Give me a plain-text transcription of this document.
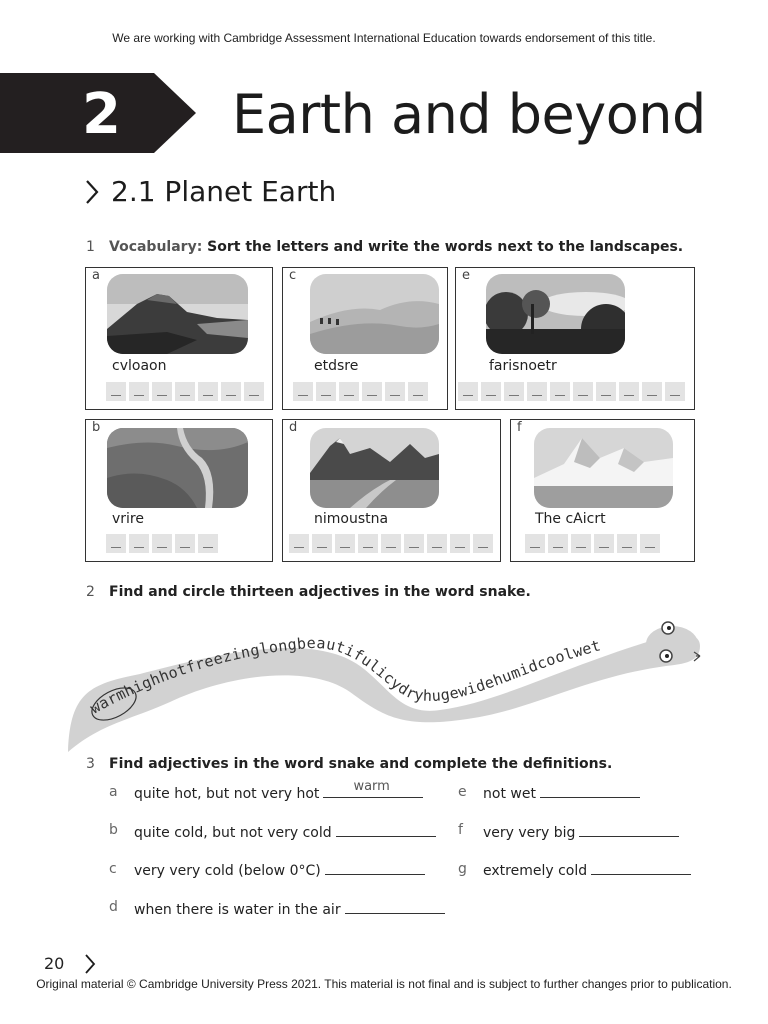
We are working with Cambridge Assessment International Education towards endorsement of this title.
2 Earth and beyond
2.1 Planet Earth
1 Vocabulary: Sort the letters and write the words next to the landscapes.
a
cvloaon
c
etdsre
e
farisnoetr
b
vrire
d
nimoustna
f
The cAicrt
2 Find and circle thirteen adjectives in the word snake.
warmhighhotfreezinglongbeautifulicydryhugewidehumidcoolwet
3 Find adjectives in the word snake and complete the definitions.
a quite hot, but not very hot	warm
b quite cold, but not very cold
c very very cold (below 0°C)
d when there is water in the air
e not wet
f very very big
g extremely cold
20
Original material © Cambridge University Press 2021. This material is not final and is subject to further changes prior to publication.
